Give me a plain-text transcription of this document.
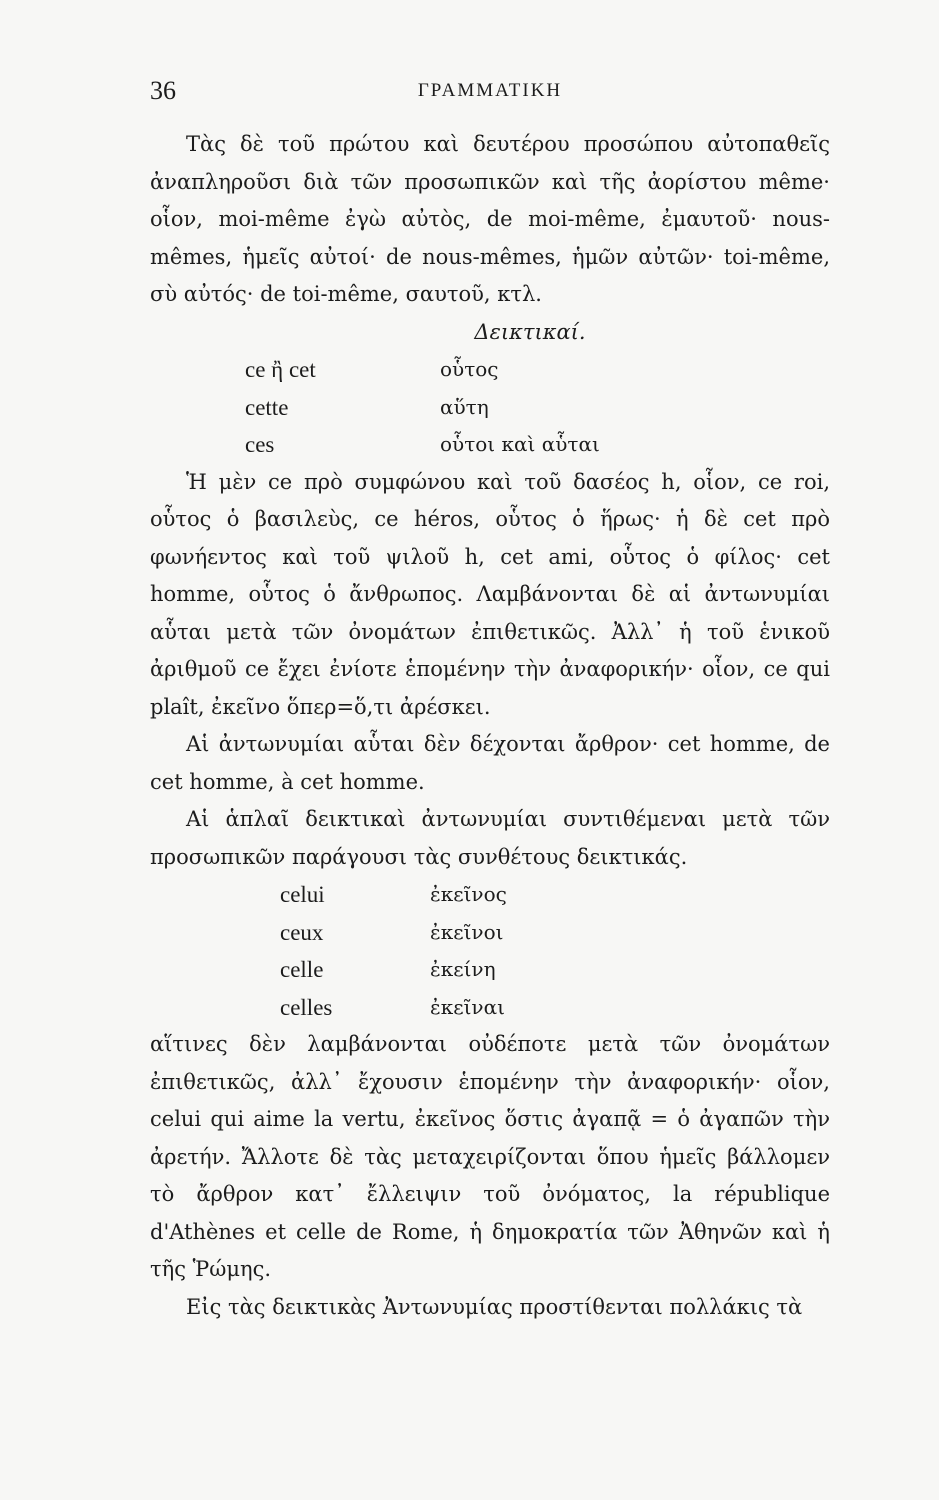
36	ΓΡΑΜΜΑΤΙΚΗ

Τὰς δὲ τοῦ πρώτου καὶ δευτέρου προσώπου αὐτοπαθεῖς ἀναπληροῦσι διὰ τῶν προσωπικῶν καὶ τῆς ἀορίστου même· οἷον, moi-même ἐγὼ αὐτὸς, de moi-même, ἐμαυτοῦ· nous-mêmes, ἡμεῖς αὐτοί· de nous-mêmes, ἡμῶν αὐτῶν· toi-même, σὺ αὐτός· de toi-même, σαυτοῦ, κτλ.

Δεικτικαί.

ce ἢ cet	οὗτος
cette	αὕτη
ces	οὗτοι καὶ αὗται

Ἡ μὲν ce πρὸ συμφώνου καὶ τοῦ δασέος h, οἷον, ce roi, οὗτος ὁ βασιλεὺς, ce héros, οὗτος ὁ ἥρως· ἡ δὲ cet πρὸ φωνήεντος καὶ τοῦ ψιλοῦ h, cet ami, οὗτος ὁ φίλος· cet homme, οὗτος ὁ ἄνθρωπος. Λαμβάνονται δὲ αἱ ἀντωνυμίαι αὗται μετὰ τῶν ὀνομάτων ἐπιθετικῶς. Ἀλλ᾽ ἡ τοῦ ἑνικοῦ ἀριθμοῦ ce ἔχει ἐνίοτε ἑπομένην τὴν ἀναφορικήν· οἷον, ce qui plaît, ἐκεῖνο ὅπερ=ὅ,τι ἀρέσκει.

Αἱ ἀντωνυμίαι αὗται δὲν δέχονται ἄρθρον· cet homme, de cet homme, à cet homme.

Αἱ ἁπλαῖ δεικτικαὶ ἀντωνυμίαι συντιθέμεναι μετὰ τῶν προσωπικῶν παράγουσι τὰς συνθέτους δεικτικάς.

celui	ἐκεῖνος
ceux	ἐκεῖνοι
celle	ἐκείνη
celles	ἐκεῖναι

αἵτινες δὲν λαμβάνονται οὐδέποτε μετὰ τῶν ὀνομάτων ἐπιθετικῶς, ἀλλ᾽ ἔχουσιν ἑπομένην τὴν ἀναφορικήν· οἷον, celui qui aime la vertu, ἐκεῖνος ὅστις ἀγαπᾷ = ὁ ἀγαπῶν τὴν ἀρετήν. Ἄλλοτε δὲ τὰς μεταχειρίζονται ὅπου ἡμεῖς βάλλομεν τὸ ἄρθρον κατ᾽ ἔλλειψιν τοῦ ὀνόματος, la république d'Athènes et celle de Rome, ἡ δημοκρατία τῶν Ἀθηνῶν καὶ ἡ τῆς Ῥώμης.

Εἰς τὰς δεικτικὰς Ἀντωνυμίας προστίθενται πολλάκις τὰ
